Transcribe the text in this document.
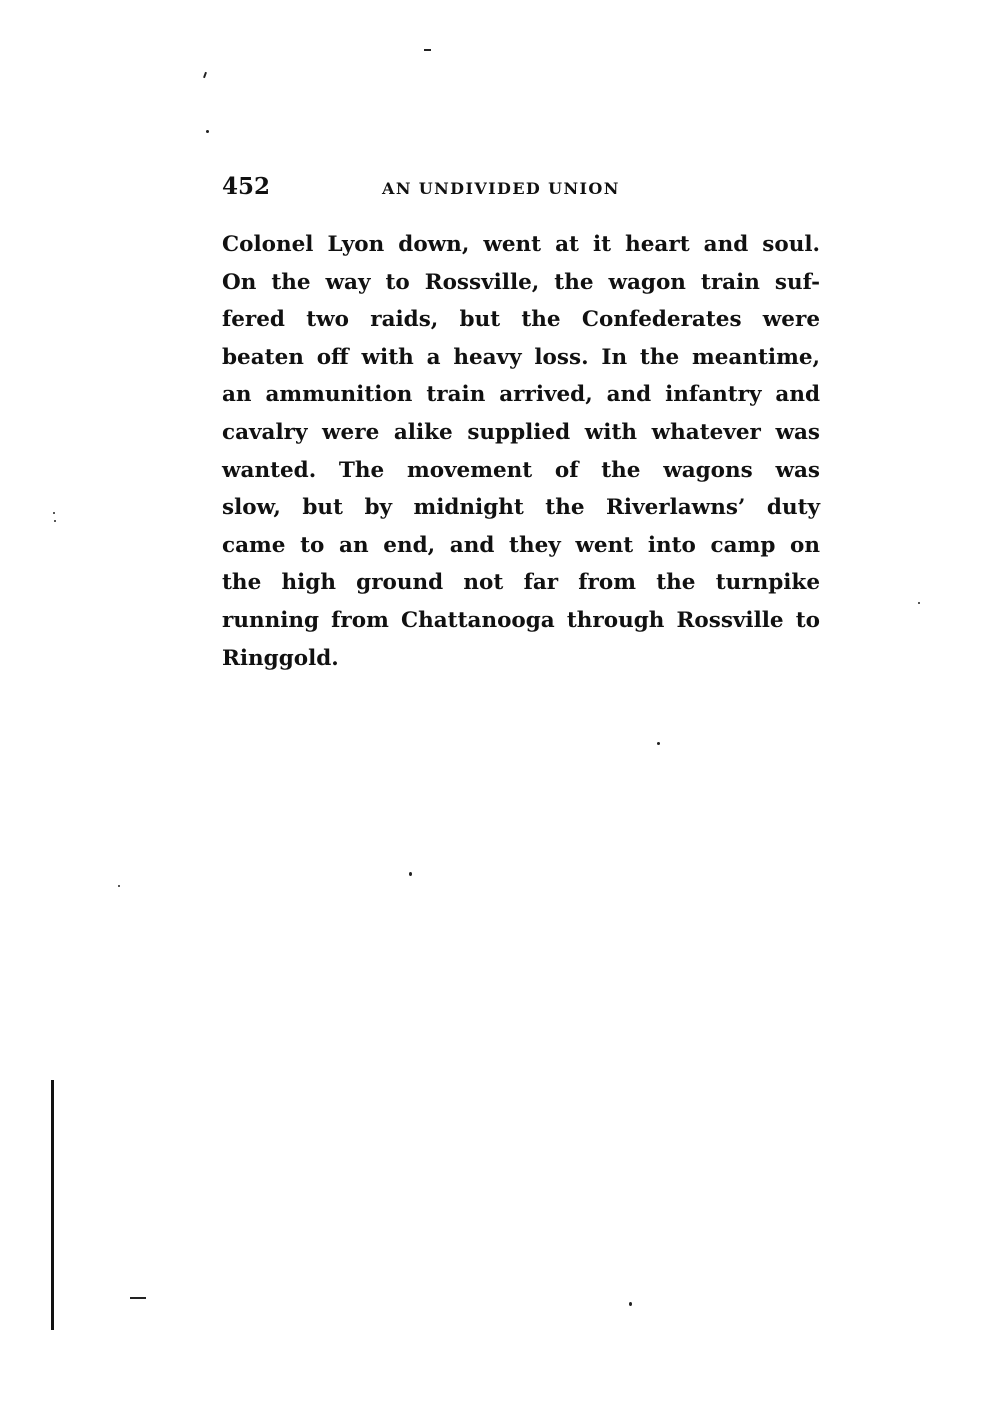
452	AN UNDIVIDED UNION
Colonel Lyon down, went at it heart and soul.
On the way to Rossville, the wagon train suf-
fered two raids, but the Confederates were
beaten off with a heavy loss. In the meantime,
an ammunition train arrived, and infantry and
cavalry were alike supplied with whatever was
wanted. The movement of the wagons was
slow, but by midnight the Riverlawns’ duty
came to an end, and they went into camp on
the high ground not far from the turnpike
running from Chattanooga through Rossville to
Ringgold.
